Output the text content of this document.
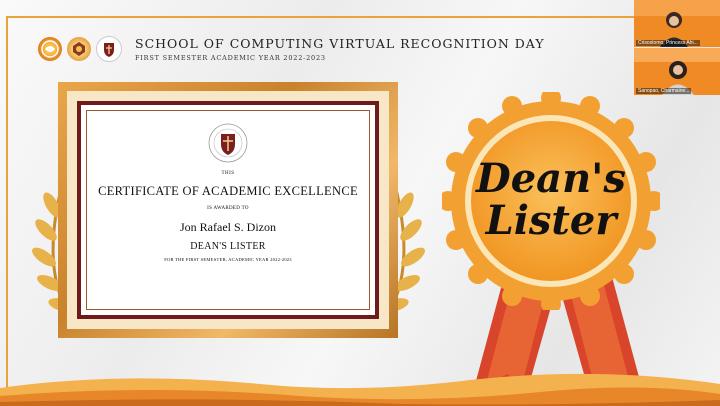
SCHOOL OF COMPUTING VIRTUAL RECOGNITION DAY
FIRST SEMESTER ACADEMIC YEAR 2022-2023
THIS
CERTIFICATE OF ACADEMIC EXCELLENCE
IS AWARDED TO
Jon Rafael S. Dizon
DEAN'S LISTER
FOR THE FIRST SEMESTER, ACADEMIC YEAR 2022-2023
Dean's
Lister
Crisostomo, Princess Ahi...
Sanopao, Charmaine...
